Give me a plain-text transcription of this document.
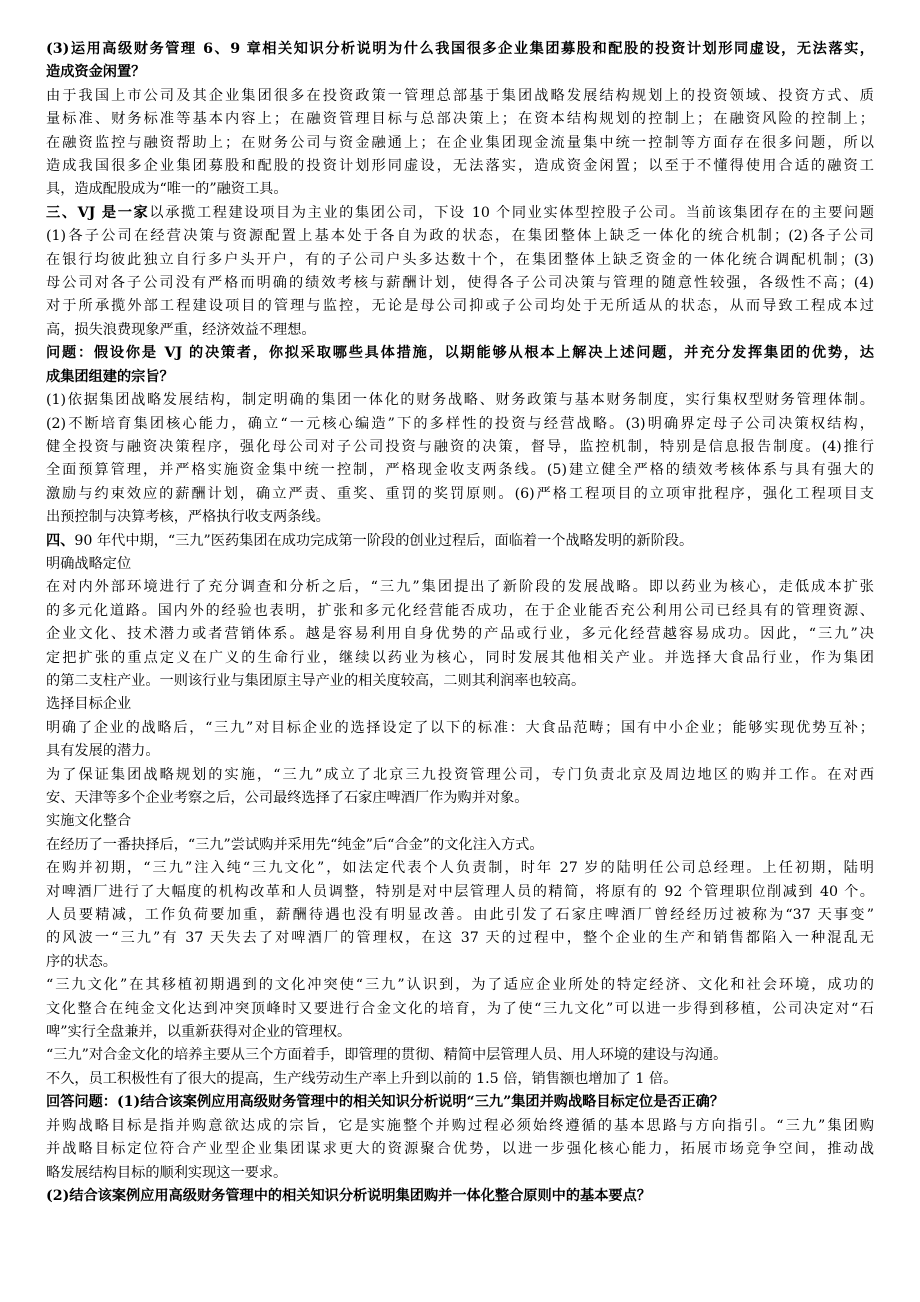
(3)运用高级财务管理 6、9 章相关知识分析说明为什么我国很多企业集团募股和配股的投资计划形同虚设，无法落实，
造成资金闲置？
由于我国上市公司及其企业集团很多在投资政策一管理总部基于集团战略发展结构规划上的投资领域、投资方式、质
量标准、财务标准等基本内容上；在融资管理目标与总部决策上；在资本结构规划的控制上；在融资风险的控制上；
在融资监控与融资帮助上；在财务公司与资金融通上；在企业集团现金流量集中统一控制等方面存在很多问题，所以
造成我国很多企业集团募股和配股的投资计划形同虚设，无法落实，造成资金闲置；以至于不懂得使用合适的融资工
具，造成配股成为“唯一的”融资工具。
三、VJ 是一家以承揽工程建设项目为主业的集团公司，下设 10 个同业实体型控股子公司。当前该集团存在的主要问题
(1)各子公司在经营决策与资源配置上基本处于各自为政的状态，在集团整体上缺乏一体化的统合机制；(2)各子公司
在银行均彼此独立自行多户头开户，有的子公司户头多达数十个，在集团整体上缺乏资金的一体化统合调配机制；(3)
母公司对各子公司没有严格而明确的绩效考核与薪酬计划，使得各子公司决策与管理的随意性较强，各级性不高；(4)
对于所承揽外部工程建设项目的管理与监控，无论是母公司抑或子公司均处于无所适从的状态，从而导致工程成本过
高，损失浪费现象严重，经济效益不理想。
问题：假设你是 VJ 的决策者，你拟采取哪些具体措施，以期能够从根本上解决上述问题，并充分发挥集团的优势，达
成集团组建的宗旨？
(1)依据集团战略发展结构，制定明确的集团一体化的财务战略、财务政策与基本财务制度，实行集权型财务管理体制。
(2)不断培育集团核心能力，确立“一元核心编造”下的多样性的投资与经营战略。(3)明确界定母子公司决策权结构，
健全投资与融资决策程序，强化母公司对子公司投资与融资的决策，督导，监控机制，特别是信息报告制度。(4)推行
全面预算管理，并严格实施资金集中统一控制，严格现金收支两条线。(5)建立健全严格的绩效考核体系与具有强大的
激励与约束效应的薪酬计划，确立严责、重奖、重罚的奖罚原则。(6)严格工程项目的立项审批程序，强化工程项目支
出预控制与决算考核，严格执行收支两条线。
四、90 年代中期，“三九”医药集团在成功完成第一阶段的创业过程后，面临着一个战略发明的新阶段。
明确战略定位
在对内外部环境进行了充分调查和分析之后，“三九”集团提出了新阶段的发展战略。即以药业为核心，走低成本扩张
的多元化道路。国内外的经验也表明，扩张和多元化经营能否成功，在于企业能否充公利用公司已经具有的管理资源、
企业文化、技术潜力或者营销体系。越是容易利用自身优势的产品或行业，多元化经营越容易成功。因此，“三九”决
定把扩张的重点定义在广义的生命行业，继续以药业为核心，同时发展其他相关产业。并选择大食品行业，作为集团
的第二支柱产业。一则该行业与集团原主导产业的相关度较高，二则其利润率也较高。
选择目标企业
明确了企业的战略后，“三九”对目标企业的选择设定了以下的标准：大食品范畴；国有中小企业；能够实现优势互补；
具有发展的潜力。
为了保证集团战略规划的实施，“三九”成立了北京三九投资管理公司，专门负责北京及周边地区的购并工作。在对西
安、天津等多个企业考察之后，公司最终选择了石家庄啤酒厂作为购并对象。
实施文化整合
在经历了一番抉择后，“三九”尝试购并采用先“纯金”后“合金”的文化注入方式。
在购并初期，“三九”注入纯“三九文化”，如法定代表个人负责制，时年 27 岁的陆明任公司总经理。上任初期，陆明
对啤酒厂进行了大幅度的机构改革和人员调整，特别是对中层管理人员的精简，将原有的 92 个管理职位削减到 40 个。
人员要精减，工作负荷要加重，薪酬待遇也没有明显改善。由此引发了石家庄啤酒厂曾经经历过被称为“37 天事变”
的风波一“三九”有 37 天失去了对啤酒厂的管理权，在这 37 天的过程中，整个企业的生产和销售都陷入一种混乱无
序的状态。
“三九文化”在其移植初期遇到的文化冲突使“三九”认识到，为了适应企业所处的特定经济、文化和社会环境，成功的
文化整合在纯金文化达到冲突顶峰时又要进行合金文化的培育，为了使“三九文化”可以进一步得到移植，公司决定对“石
啤”实行全盘兼并，以重新获得对企业的管理权。
“三九”对合金文化的培养主要从三个方面着手，即管理的贯彻、精简中层管理人员、用人环境的建设与沟通。
不久，员工积极性有了很大的提高，生产线劳动生产率上升到以前的 1.5 倍，销售额也增加了 1 倍。
回答问题：(1)结合该案例应用高级财务管理中的相关知识分析说明“三九”集团并购战略目标定位是否正确？
并购战略目标是指并购意欲达成的宗旨，它是实施整个并购过程必须始终遵循的基本思路与方向指引。“三九”集团购
并战略目标定位符合产业型企业集团谋求更大的资源聚合优势，以进一步强化核心能力，拓展市场竞争空间，推动战
略发展结构目标的顺利实现这一要求。
(2)结合该案例应用高级财务管理中的相关知识分析说明集团购并一体化整合原则中的基本要点？
